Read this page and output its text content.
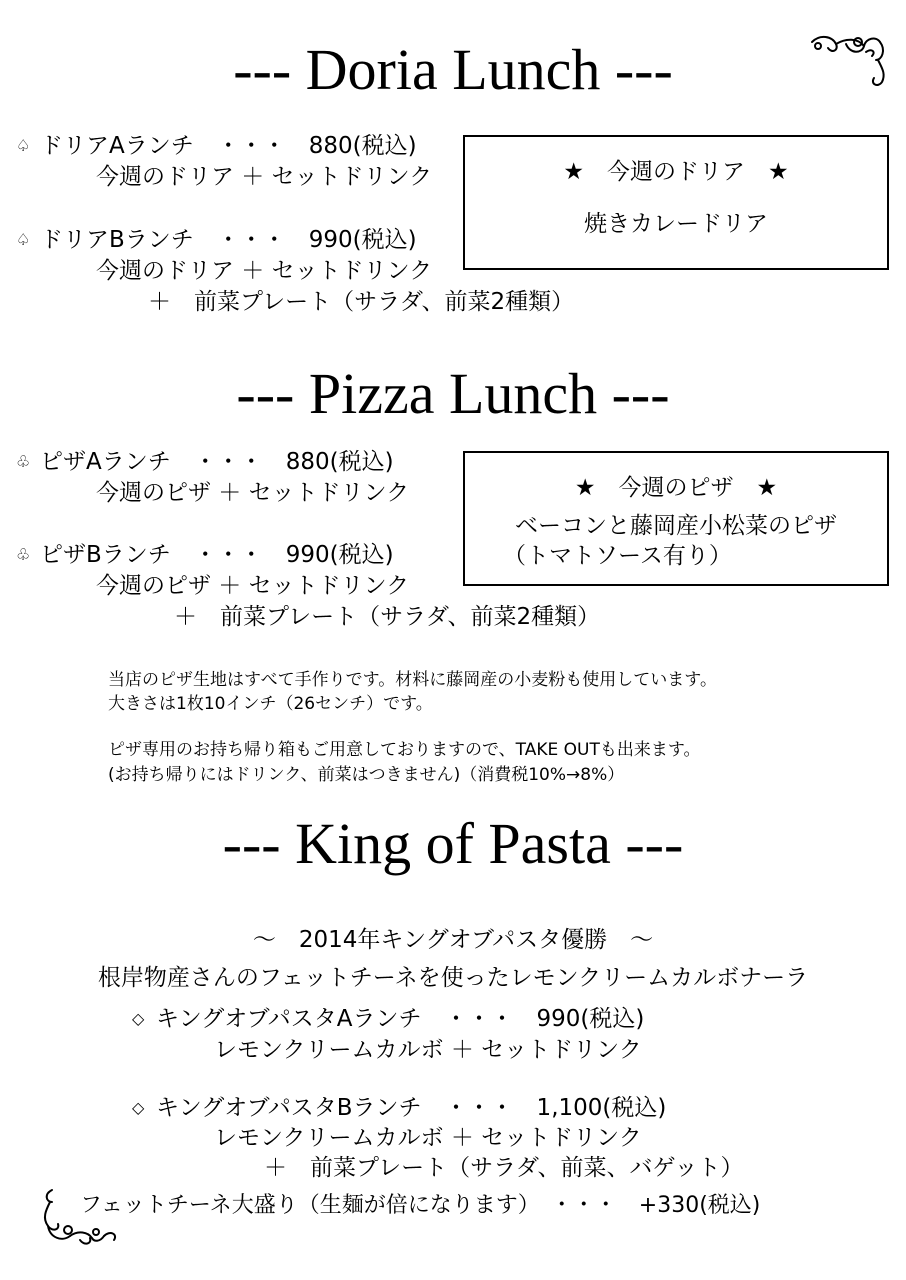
--- Doria Lunch ---
♤ ドリアAランチ　・・・　880(税込)
今週のドリア ＋ セットドリンク
♤ ドリアBランチ　・・・　990(税込)
今週のドリア ＋ セットドリンク
＋　前菜プレート（サラダ、前菜2種類）
★　今週のドリア　★
焼きカレードリア
--- Pizza Lunch ---
♧ ピザAランチ　・・・　880(税込)
今週のピザ ＋ セットドリンク
♧ ピザBランチ　・・・　990(税込)
今週のピザ ＋ セットドリンク
＋　前菜プレート（サラダ、前菜2種類）
★　今週のピザ　★
ベーコンと藤岡産小松菜のピザ
（トマトソース有り）
当店のピザ生地はすべて手作りです。材料に藤岡産の小麦粉も使用しています。
大きさは1枚10インチ（26センチ）です。
ピザ専用のお持ち帰り箱もご用意しておりますので、TAKE OUTも出来ます。
(お持ち帰りにはドリンク、前菜はつきません)（消費税10%→8%）
--- King of Pasta ---
～　2014年キングオブパスタ優勝　～
根岸物産さんのフェットチーネを使ったレモンクリームカルボナーラ
◇ キングオブパスタAランチ　・・・　990(税込)
レモンクリームカルボ ＋ セットドリンク
◇ キングオブパスタBランチ　・・・　1,100(税込)
レモンクリームカルボ ＋ セットドリンク
＋　前菜プレート（サラダ、前菜、バゲット）
フェットチーネ大盛り（生麺が倍になります）　・・・　+330(税込)
